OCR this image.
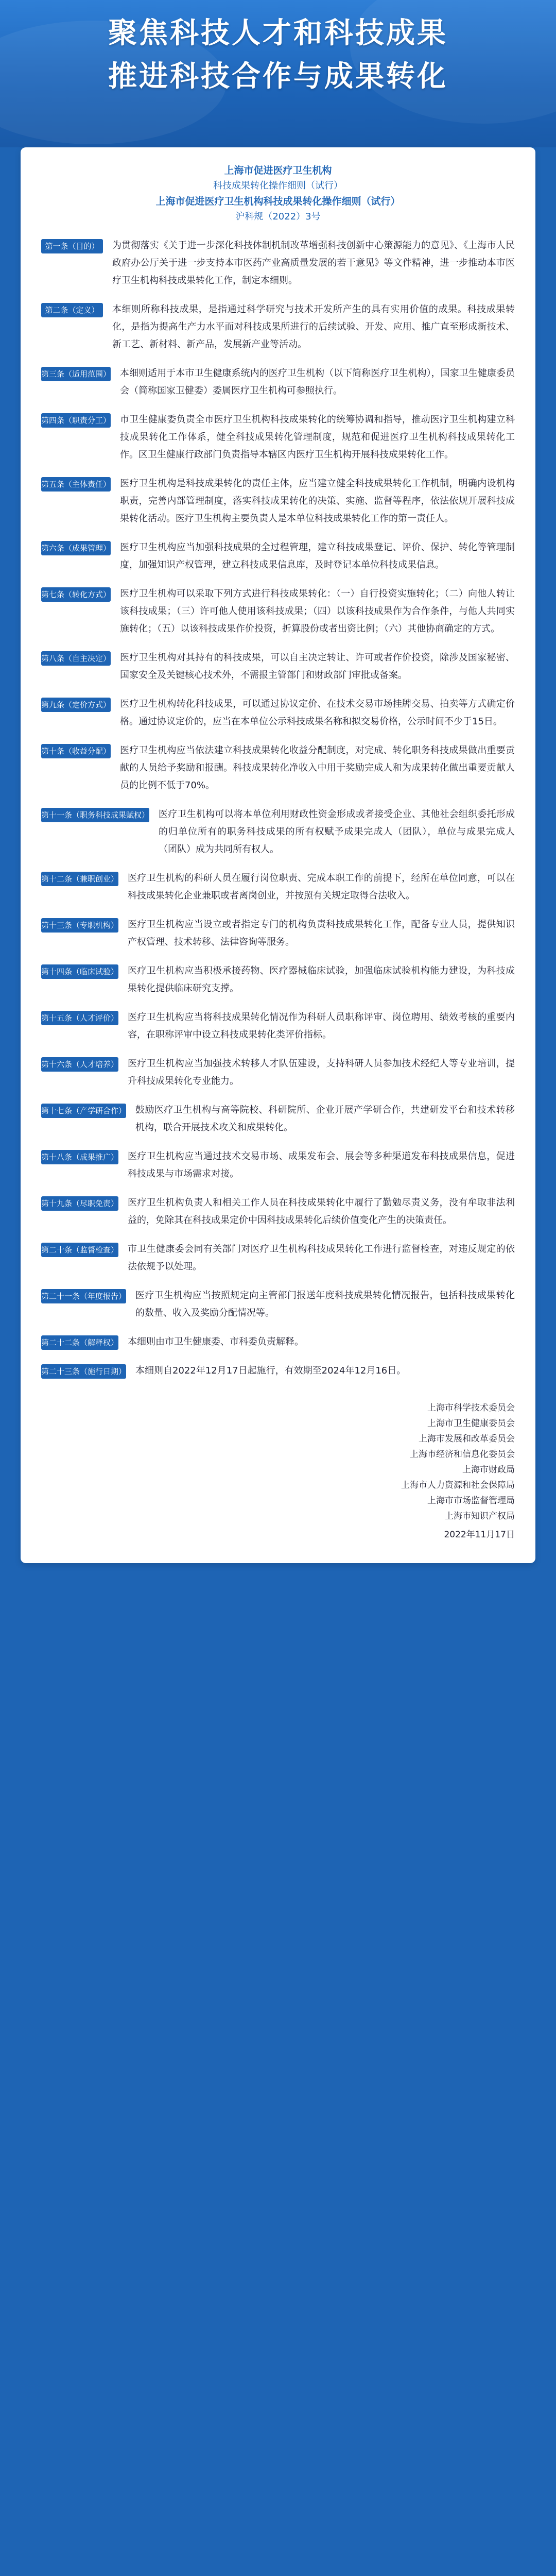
聚焦科技人才和科技成果
推进科技合作与成果转化
上海市促进医疗卫生机构
科技成果转化操作细则（试行）
上海市促进医疗卫生机构科技成果转化操作细则（试行）
沪科规（2022）3号
第一条（目的）	为贯彻落实《关于进一步深化科技体制机制改革增强科技创新中心策源能力的意见》、《上海市人民政府办公厅关于进一步支持本市医药产业高质量发展的若干意见》等文件精神，进一步推动本市医疗卫生机构科技成果转化工作，制定本细则。
第二条（定义）	本细则所称科技成果，是指通过科学研究与技术开发所产生的具有实用价值的成果。科技成果转化，是指为提高生产力水平而对科技成果所进行的后续试验、开发、应用、推广直至形成新技术、新工艺、新材料、新产品，发展新产业等活动。
第三条（适用范围） 本细则适用于本市卫生健康系统内的医疗卫生机构（以下简称医疗卫生机构），国家卫生健康委员会（简称国家卫健委）委属医疗卫生机构可参照执行。
第四条（职责分工） 市卫生健康委负责全市医疗卫生机构科技成果转化的统筹协调和指导，推动医疗卫生机构建立科技成果转化工作体系，健全科技成果转化管理制度，规范和促进医疗卫生机构科技成果转化工作。区卫生健康行政部门负责指导本辖区内医疗卫生机构开展科技成果转化工作。
第五条（主体责任） 医疗卫生机构是科技成果转化的责任主体，应当建立健全科技成果转化工作机制，明确内设机构职责，完善内部管理制度，落实科技成果转化的决策、实施、监督等程序，依法依规开展科技成果转化活动。医疗卫生机构主要负责人是本单位科技成果转化工作的第一责任人。
第六条（成果管理） 医疗卫生机构应当加强科技成果的全过程管理，建立科技成果登记、评价、保护、转化等管理制度，加强知识产权管理，建立科技成果信息库，及时登记本单位科技成果信息。
第七条（转化方式） 医疗卫生机构可以采取下列方式进行科技成果转化：（一）自行投资实施转化；（二）向他人转让该科技成果；（三）许可他人使用该科技成果；（四）以该科技成果作为合作条件，与他人共同实施转化；（五）以该科技成果作价投资，折算股份或者出资比例；（六）其他协商确定的方式。
第八条（自主决定） 医疗卫生机构对其持有的科技成果，可以自主决定转让、许可或者作价投资，除涉及国家秘密、国家安全及关键核心技术外，不需报主管部门和财政部门审批或备案。
第九条（定价方式） 医疗卫生机构转化科技成果，可以通过协议定价、在技术交易市场挂牌交易、拍卖等方式确定价格。通过协议定价的，应当在本单位公示科技成果名称和拟交易价格，公示时间不少于15日。
第十条（收益分配） 医疗卫生机构应当依法建立科技成果转化收益分配制度，对完成、转化职务科技成果做出重要贡献的人员给予奖励和报酬。科技成果转化净收入中用于奖励完成人和为成果转化做出重要贡献人员的比例不低于70%。
第十一条（职务科技成果赋权） 医疗卫生机构可以将本单位利用财政性资金形成或者接受企业、其他社会组织委托形成的归单位所有的职务科技成果的所有权赋予成果完成人（团队），单位与成果完成人（团队）成为共同所有权人。
第十二条（兼职创业） 医疗卫生机构的科研人员在履行岗位职责、完成本职工作的前提下，经所在单位同意，可以在科技成果转化企业兼职或者离岗创业，并按照有关规定取得合法收入。
第十三条（专职机构） 医疗卫生机构应当设立或者指定专门的机构负责科技成果转化工作，配备专业人员，提供知识产权管理、技术转移、法律咨询等服务。
第十四条（临床试验） 医疗卫生机构应当积极承接药物、医疗器械临床试验，加强临床试验机构能力建设，为科技成果转化提供临床研究支撑。
第十五条（人才评价） 医疗卫生机构应当将科技成果转化情况作为科研人员职称评审、岗位聘用、绩效考核的重要内容，在职称评审中设立科技成果转化类评价指标。
第十六条（人才培养） 医疗卫生机构应当加强技术转移人才队伍建设，支持科研人员参加技术经纪人等专业培训，提升科技成果转化专业能力。
第十七条（产学研合作） 鼓励医疗卫生机构与高等院校、科研院所、企业开展产学研合作，共建研发平台和技术转移机构，联合开展技术攻关和成果转化。
第十八条（成果推广） 医疗卫生机构应当通过技术交易市场、成果发布会、展会等多种渠道发布科技成果信息，促进科技成果与市场需求对接。
第十九条（尽职免责） 医疗卫生机构负责人和相关工作人员在科技成果转化中履行了勤勉尽责义务，没有牟取非法利益的，免除其在科技成果定价中因科技成果转化后续价值变化产生的决策责任。
第二十条（监督检查） 市卫生健康委会同有关部门对医疗卫生机构科技成果转化工作进行监督检查，对违反规定的依法依规予以处理。
第二十一条（年度报告） 医疗卫生机构应当按照规定向主管部门报送年度科技成果转化情况报告，包括科技成果转化的数量、收入及奖励分配情况等。
第二十二条（解释权） 本细则由市卫生健康委、市科委负责解释。
第二十三条（施行日期） 本细则自2022年12月17日起施行，有效期至2024年12月16日。
上海市科学技术委员会
上海市卫生健康委员会
上海市发展和改革委员会
上海市经济和信息化委员会
上海市财政局
上海市人力资源和社会保障局
上海市市场监督管理局
上海市知识产权局
2022年11月17日
